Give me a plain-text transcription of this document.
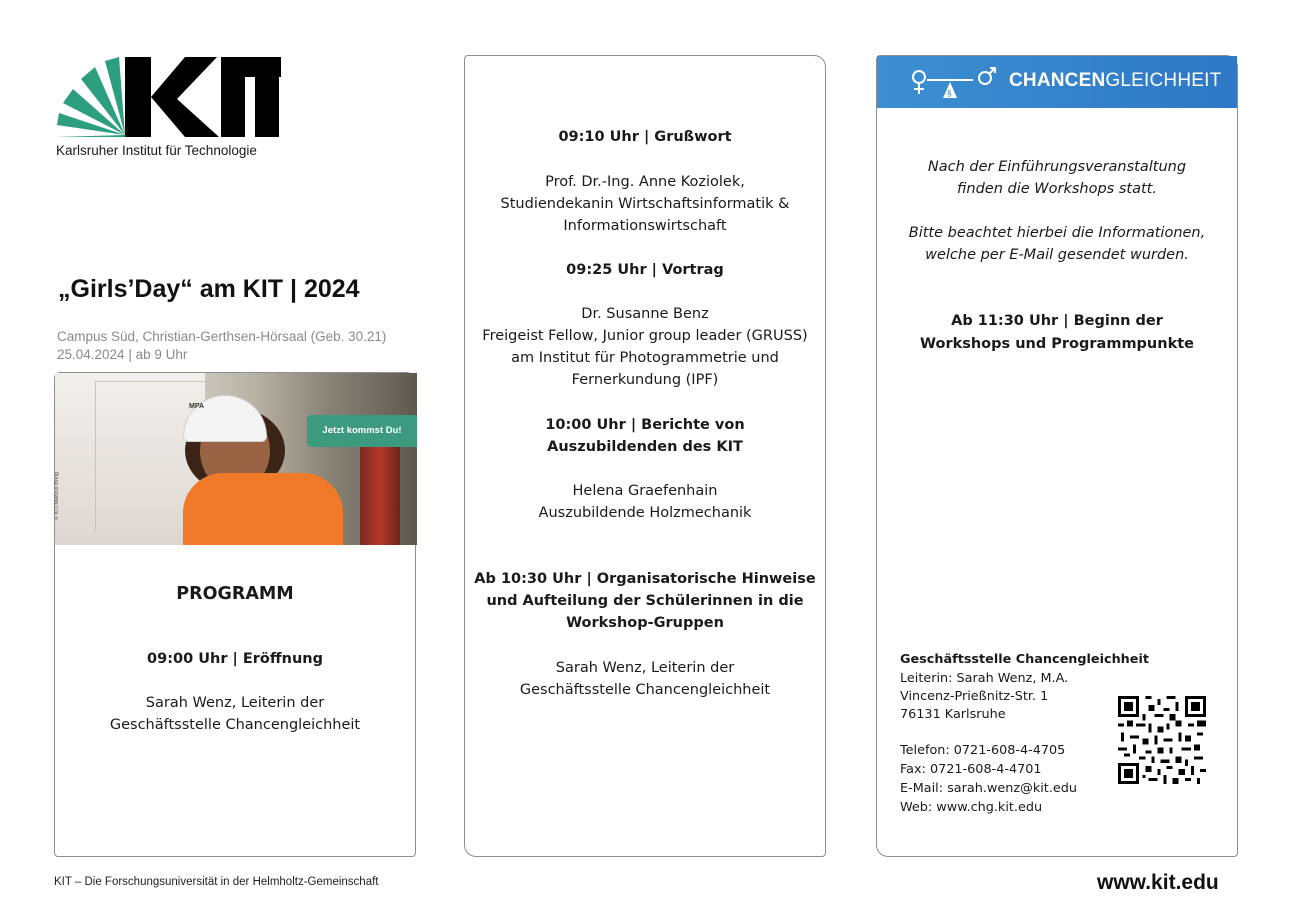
Karlsruher Institut für Technologie
„Girls’Day“ am KIT | 2024
Campus Süd, Christian-Gerthsen-Hörsaal (Geb. 30.21)
25.04.2024 | ab 9 Uhr
MPA
Jetzt kommst Du!
© KIT/Markus Breig
PROGRAMM
09:00 Uhr | Eröffnung
Sarah Wenz, Leiterin der
Geschäftsstelle Chancengleichheit
09:10 Uhr | Grußwort
Prof. Dr.-Ing. Anne Koziolek,
Studiendekanin Wirtschaftsinformatik &
Informationswirtschaft
09:25 Uhr | Vortrag
Dr. Susanne Benz
Freigeist Fellow, Junior group leader (GRUSS)
am Institut für Photogrammetrie und
Fernerkundung (IPF)
10:00 Uhr | Berichte von
Auszubildenden des KIT
Helena Graefenhain
Auszubildende Holzmechanik
Ab 10:30 Uhr | Organisatorische Hinweise
und Aufteilung der Schülerinnen in die
Workshop-Gruppen
Sarah Wenz, Leiterin der
Geschäftsstelle Chancengleichheit
§
CHANCENGLEICHHEIT
Nach der Einführungsveranstaltung
finden die Workshops statt.
Bitte beachtet hierbei die Informationen,
welche per E-Mail gesendet wurden.
Ab 11:30 Uhr | Beginn der
Workshops und Programmpunkte
Geschäftsstelle Chancengleichheit
Leiterin: Sarah Wenz, M.A.
Vincenz-Prießnitz-Str. 1
76131 Karlsruhe
Telefon: 0721-608-4-4705
Fax: 0721-608-4-4701
E-Mail: sarah.wenz@kit.edu
Web: www.chg.kit.edu
KIT – Die Forschungsuniversität in der Helmholtz-Gemeinschaft	www.kit.edu
